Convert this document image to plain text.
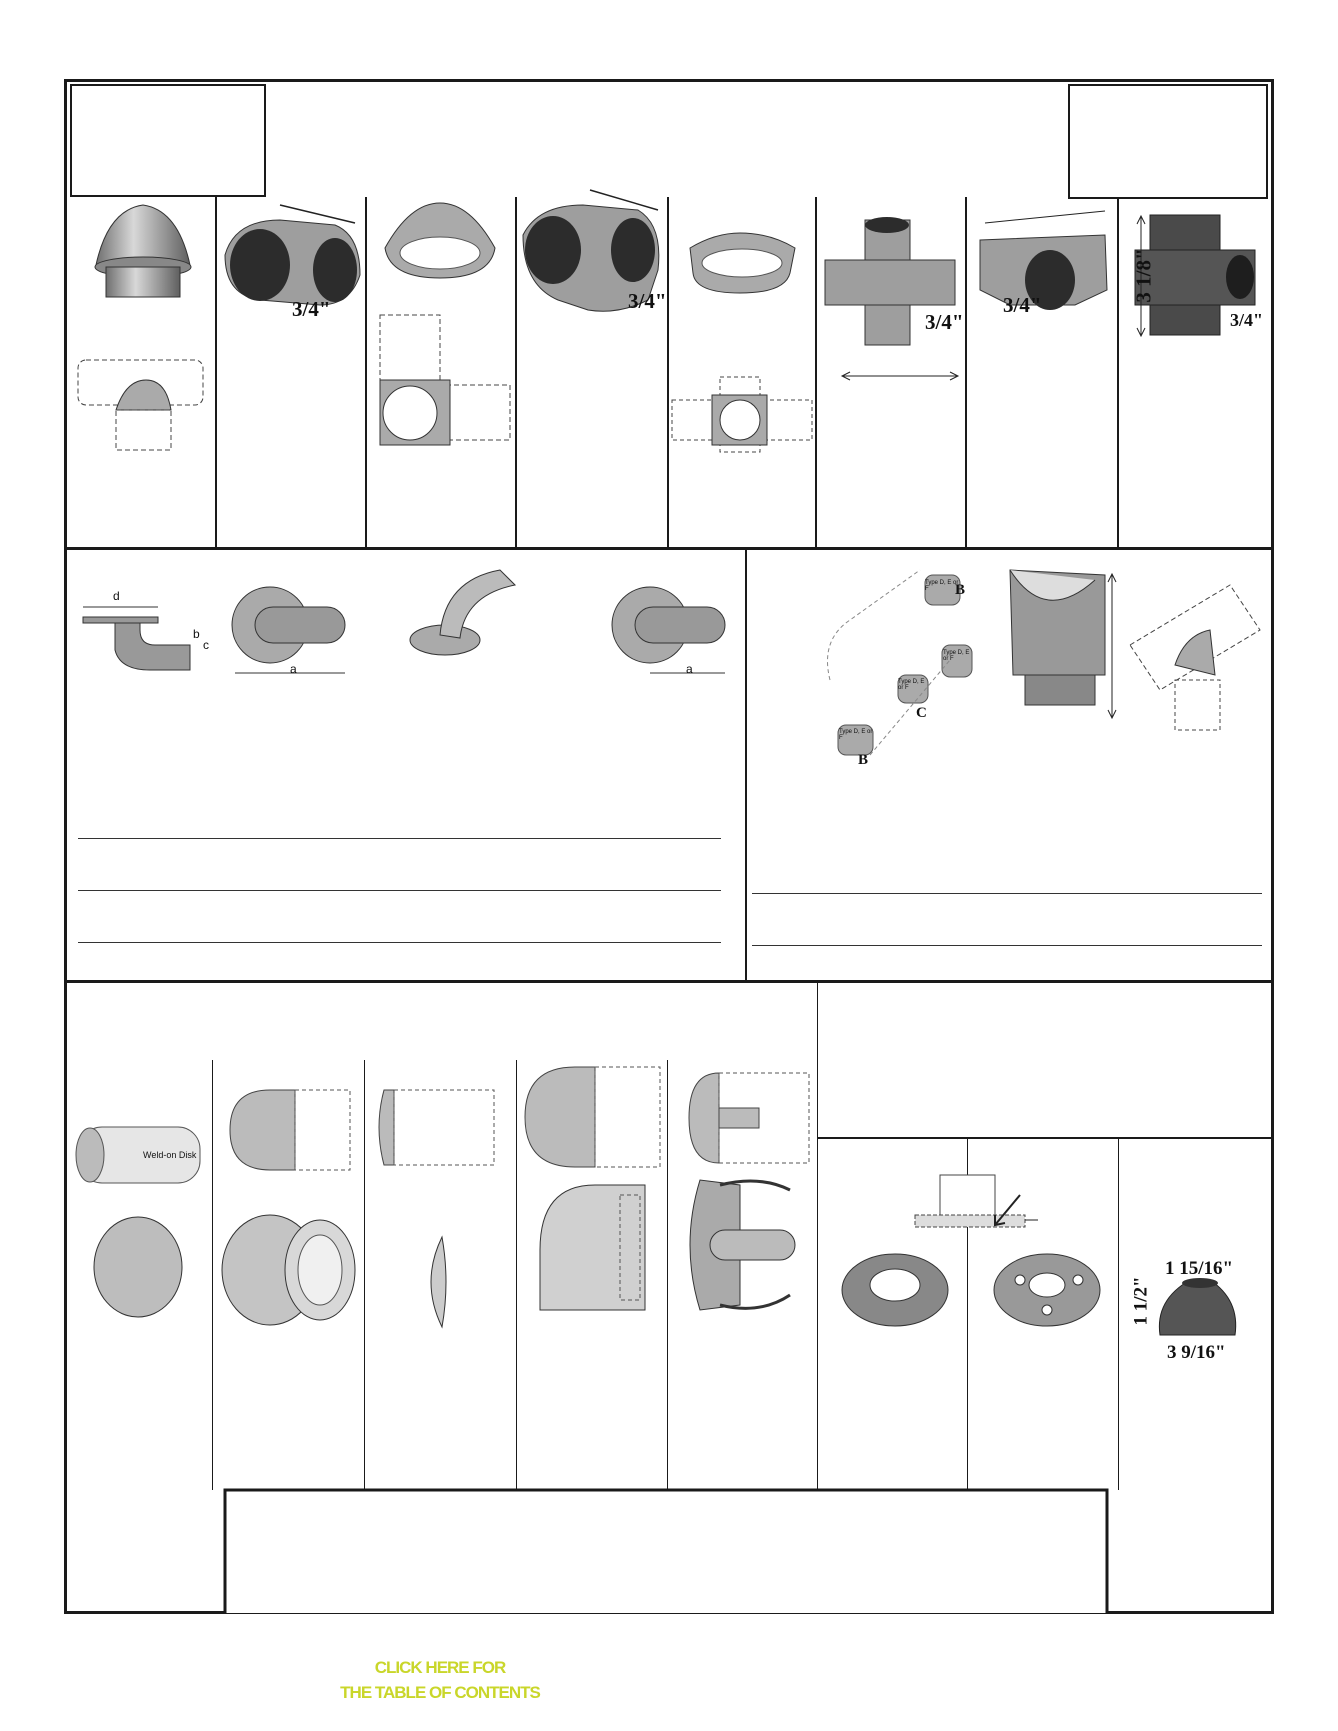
3/4"	3/4"
3/4"
3/4"
3 1/8"
3/4"
d
b
c
a	a
Type D, E or F
Type D, E or F
Type D, E or F
Type D, E or F
B
C
B
Weld-on Disk
1 15/16"
1 1/2"
3 9/16"
CLICK HERE FOR
THE TABLE OF CONTENTS
